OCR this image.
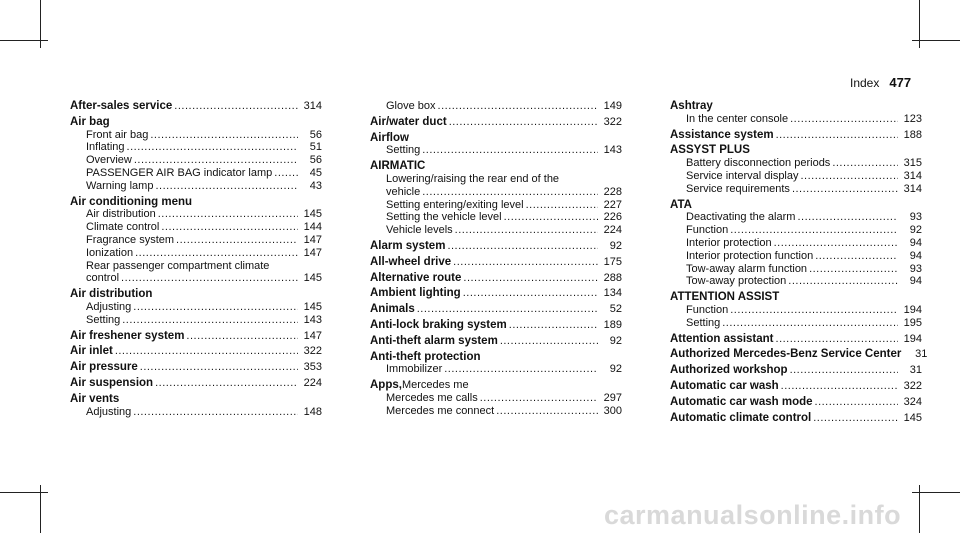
Index 477
After-sales service .....	314
Air bag
Front air bag .....	56
Inflating .....	51
Overview .....	56
PASSENGER AIR BAG indicator lamp .....	45
Warning lamp .....	43
Air conditioning menu
Air distribution .....	145
Climate control .....	144
Fragrance system .....	147
Ionization .....	147
Rear passenger compartment climate
control .....	145
Air distribution
Adjusting .....	145
Setting .....	143
Air freshener system .....	147
Air inlet .....	322
Air pressure .....	353
Air suspension .....	224
Air vents
Adjusting .....	148
Glove box .....	149
Air/water duct .....	322
Airflow
Setting .....	143
AIRMATIC
Lowering/raising the rear end of the
vehicle .....	228
Setting entering/exiting level .....	227
Setting the vehicle level .....	226
Vehicle levels .....	224
Alarm system .....	92
All-wheel drive .....	175
Alternative route .....	288
Ambient lighting .....	134
Animals .....	52
Anti-lock braking system .....	189
Anti-theft alarm system .....	92
Anti-theft protection
Immobilizer .....	92
Apps, Mercedes me
Mercedes me calls .....	297
Mercedes me connect .....	300
Ashtray
In the center console .....	123
Assistance system .....	188
ASSYST PLUS
Battery disconnection periods .....	315
Service interval display .....	314
Service requirements .....	314
ATA
Deactivating the alarm .....	93
Function .....	92
Interior protection .....	94
Interior protection function .....	94
Tow-away alarm function .....	93
Tow-away protection .....	94
ATTENTION ASSIST
Function .....	194
Setting .....	195
Attention assistant .....	194
Authorized Mercedes-Benz Service Center	31
Authorized workshop .....	31
Automatic car wash .....	322
Automatic car wash mode .....	324
Automatic climate control .....	145
carmanualsonline.info
